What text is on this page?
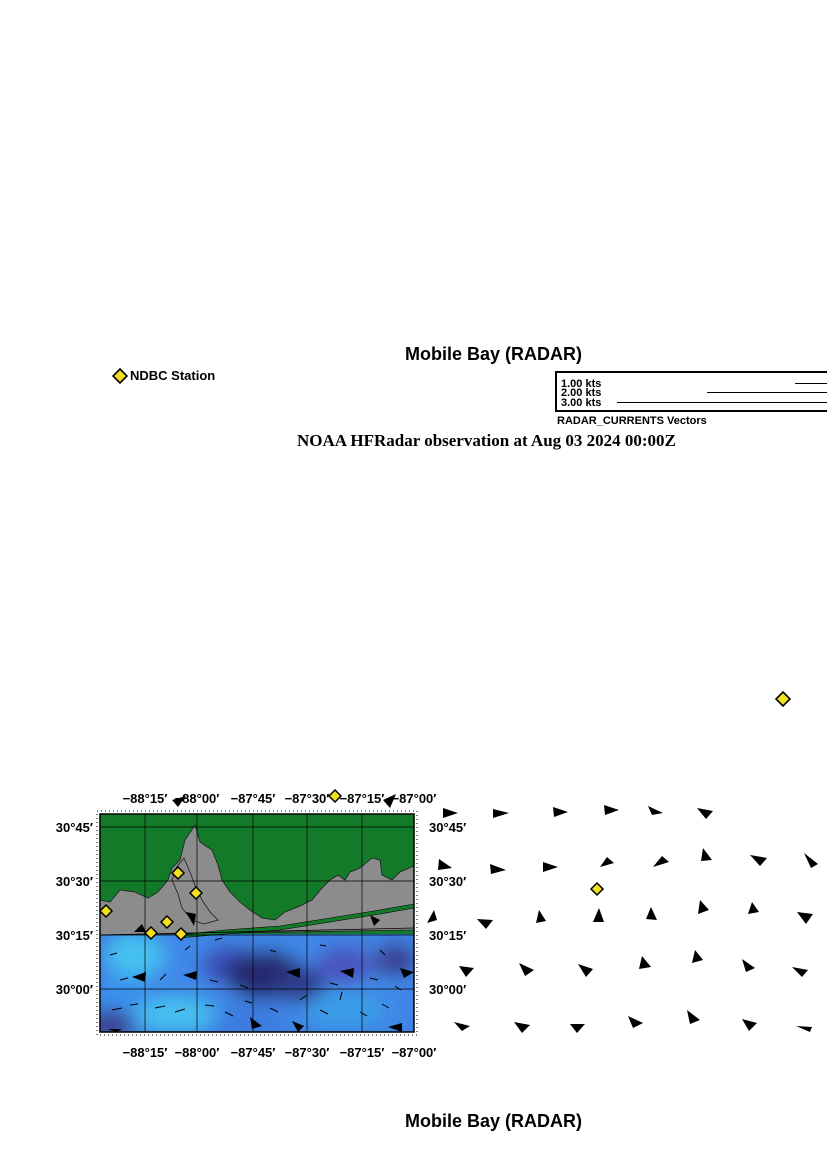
Mobile Bay (RADAR)
NDBC Station
1.00 kts
2.00 kts
3.00 kts
RADAR_CURRENTS Vectors
NOAA HFRadar observation at Aug 03 2024 00:00Z
−88°15′ −88°00′ −87°45′ −87°30′ −87°15′ −87°00′
−88°15′ −88°00′ −87°45′ −87°30′ −87°15′ −87°00′
30°45′
30°30′
30°15′
30°00′
30°45′
30°30′
30°15′
30°00′
Mobile Bay (RADAR)
